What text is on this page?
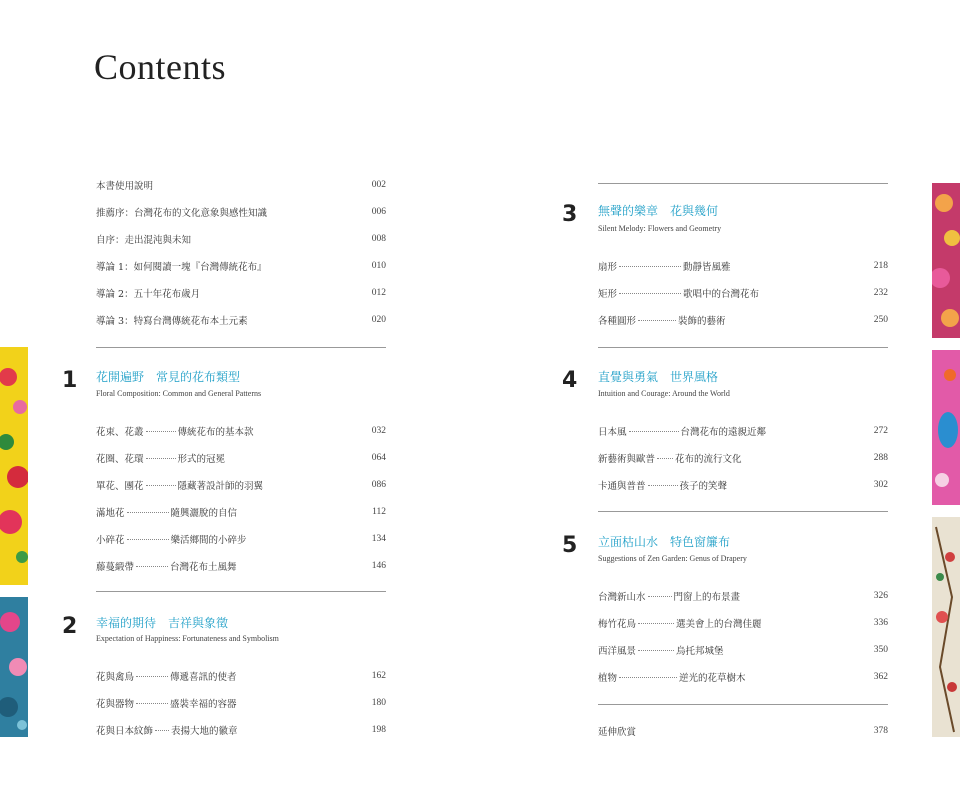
Contents
本書使用說明	002
推薦序：台灣花布的文化意象與感性知識	006
自序：走出混沌與未知	008
導論 1：如何閱讀一塊『台灣傳統花布』	010
導論 2：五十年花布歲月	012
導論 3：特寫台灣傳統花布本土元素	020
1 花開遍野　常見的花布類型
Floral Composition: Common and General Patterns
花束、花叢	傳統花布的基本款	032
花圈、花環	形式的冠冕	064
單花、團花	隱藏著設計師的羽翼	086
滿地花	隨興灑脫的自信	112
小碎花	樂活鄉間的小碎步	134
藤蔓緞帶	台灣花布土風舞	146
2 幸福的期待　吉祥與象徵
Expectation of Happiness: Fortunateness and Symbolism
花與禽鳥	傳遞喜訊的使者	162
花與器物	盛裝幸福的容器	180
花與日本紋飾 表揚大地的徽章	198
3 無聲的樂章　花與幾何
Silent Melody: Flowers and Geometry
扇形	動靜皆風雅	218
矩形	歌唱中的台灣花布	232
各種圓形	裝飾的藝術	250
4 直覺與勇氣　世界風格
Intuition and Courage: Around the World
日本風	台灣花布的遠親近鄰	272
新藝術與歐普 花布的流行文化	288
卡通與普普	孩子的笑聲	302
5 立面枯山水　特色窗簾布
Suggestions of Zen Garden: Genus of Drapery
台灣新山水	門窗上的布景畫	326
梅竹花鳥	選美會上的台灣佳麗	336
西洋風景	烏托邦城堡	350
植物	逆光的花草樹木	362
延伸欣賞	378
